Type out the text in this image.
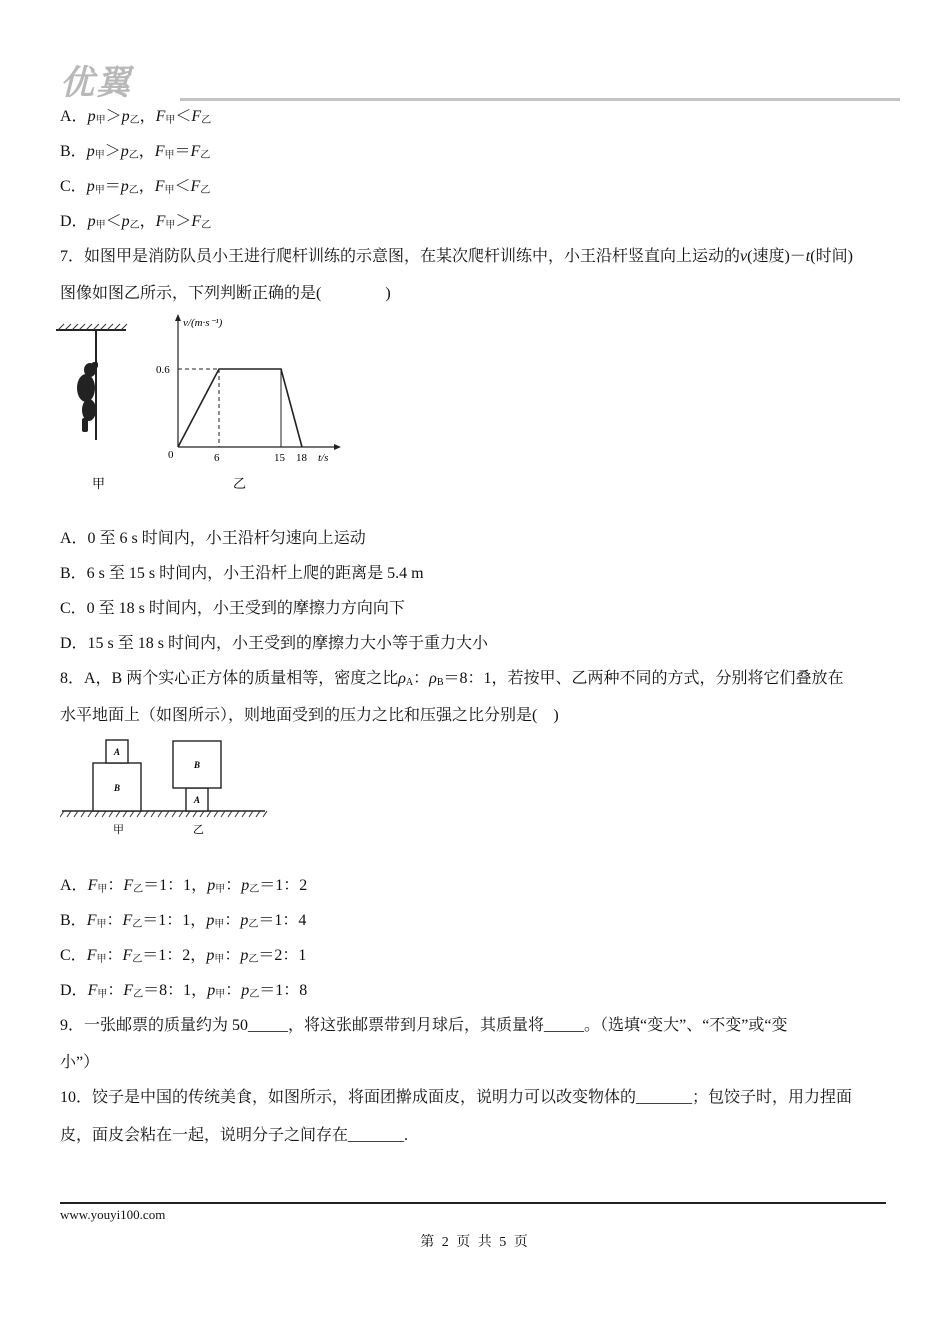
优翼
A．$p_甲>p_乙$，$F_甲<F_乙$
B．$p_甲>p_乙$，$F_甲=F_乙$
C．$p_甲=p_乙$，$F_甲<F_乙$
D．$p_甲<p_乙$，$F_甲>F_乙$
7．如图甲是消防队员小王进行爬杆训练的示意图，在某次爬杆训练中，小王沿杆竖直向上运动的v(速度)－t(时间)
图像如图乙所示，下列判断正确的是(　　　　)
甲
v/(m·s⁻¹)
0.6
0	6	15 18 t/s
乙
A．0 至 6 s 时间内，小王沿杆匀速向上运动
B．6 s 至 15 s 时间内，小王沿杆上爬的距离是 5.4 m
C．0 至 18 s 时间内，小王受到的摩擦力方向向下
D．15 s 至 18 s 时间内，小王受到的摩擦力大小等于重力大小
8．A，B 两个实心正方体的质量相等，密度之比$\rho_A$：$\rho_B=8$：1，若按甲、乙两种不同的方式，分别将它们叠放在
水平地面上（如图所示），则地面受到的压力之比和压强之比分别是(　)
B
A
A
B
甲	乙
A．$F_甲$：$F_乙=1$：1，$p_甲$：$p_乙=1$：2
B．$F_甲$：$F_乙=1$：1，$p_甲$：$p_乙=1$：4
C．$F_甲$：$F_乙=1$：2，$p_甲$：$p_乙=2$：1
D．$F_甲$：$F_乙=8$：1，$p_甲$：$p_乙=1$：8
9．一张邮票的质量约为 50_____，将这张邮票带到月球后，其质量将_____。（选填“变大”、“不变”或“变
小”）
10．饺子是中国的传统美食，如图所示，将面团擀成面皮，说明力可以改变物体的_______；包饺子时，用力捏面
皮，面皮会粘在一起，说明分子之间存在_______.
www.youyi100.com
第 2 页 共 5 页
